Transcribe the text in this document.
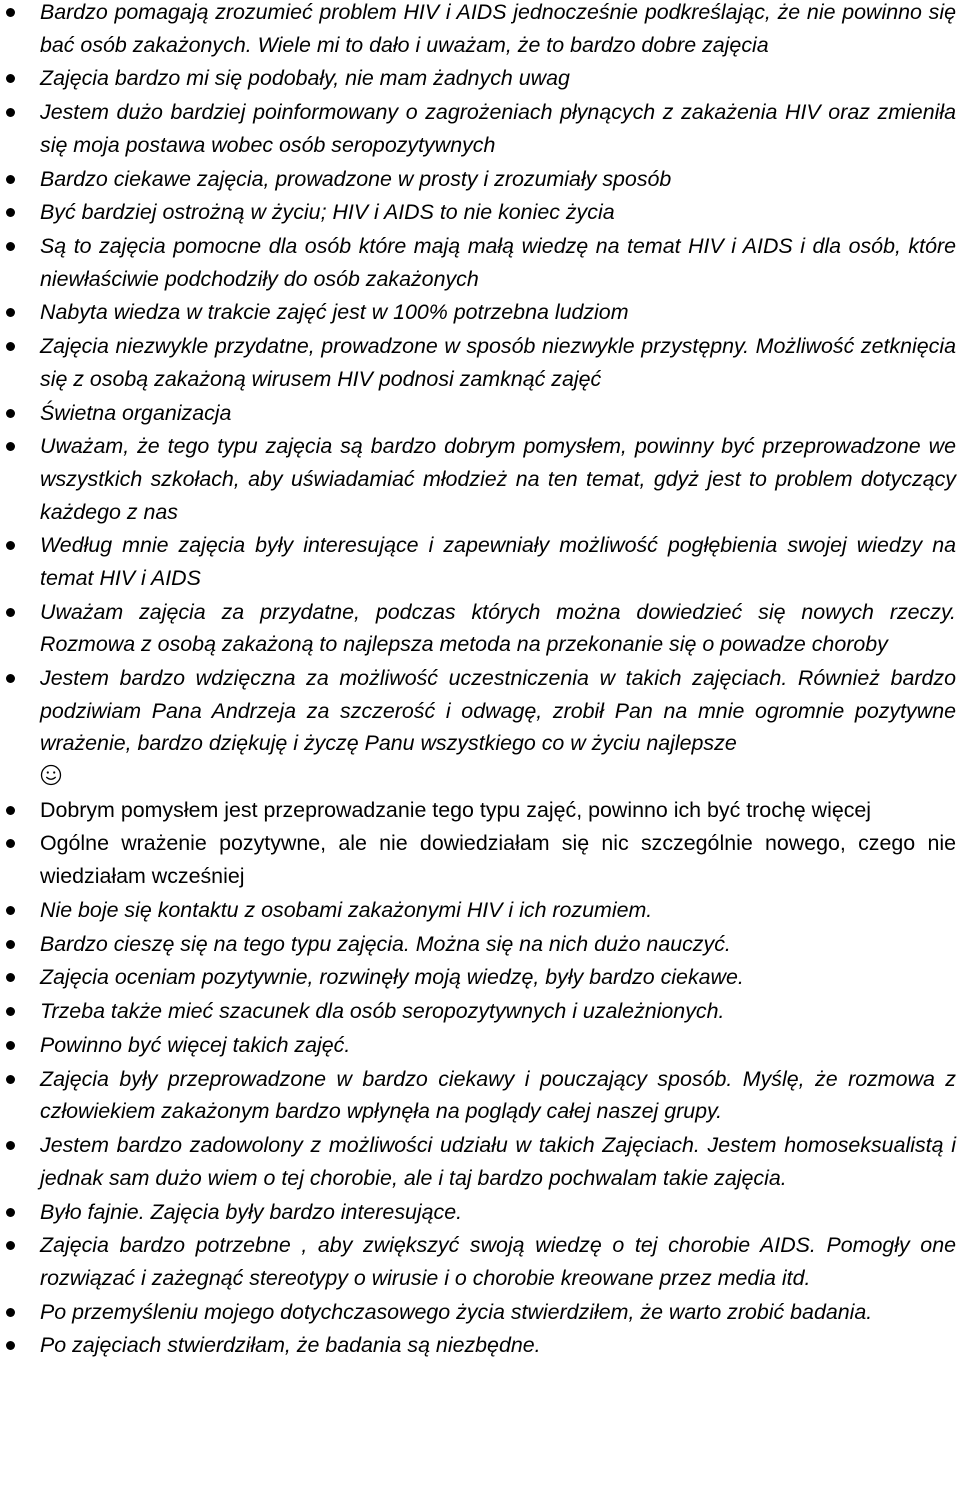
Bardzo pomagają zrozumieć problem HIV i AIDS jednocześnie podkreślając, że nie powinno się bać osób zakażonych. Wiele mi to dało i uważam, że to bardzo dobre zajęcia
Zajęcia bardzo mi się podobały, nie mam żadnych uwag
Jestem dużo bardziej poinformowany o zagrożeniach płynących z zakażenia HIV oraz zmieniła się moja postawa wobec osób seropozytywnych
Bardzo ciekawe zajęcia, prowadzone w prosty i zrozumiały sposób
Być bardziej ostrożną w życiu; HIV i AIDS to nie koniec życia
Są to zajęcia pomocne dla osób które mają małą wiedzę na temat HIV i AIDS i dla osób, które niewłaściwie podchodziły do osób zakażonych
Nabyta wiedza w trakcie zajęć jest w 100% potrzebna ludziom
Zajęcia niezwykle przydatne, prowadzone w sposób niezwykle przystępny. Możliwość zetknięcia się z osobą zakażoną wirusem HIV podnosi zamknąć zajęć
Świetna organizacja
Uważam, że tego typu zajęcia są bardzo dobrym pomysłem, powinny być przeprowadzone we wszystkich szkołach, aby uświadamiać młodzież na ten temat, gdyż jest to problem dotyczący każdego z nas
Według mnie zajęcia były interesujące i zapewniały możliwość pogłębienia swojej wiedzy na temat HIV i AIDS
Uważam zajęcia za przydatne, podczas których można dowiedzieć się nowych rzeczy. Rozmowa z osobą zakażoną to najlepsza metoda na przekonanie się o powadze choroby
Jestem bardzo wdzięczna za możliwość uczestniczenia w takich zajęciach. Również bardzo podziwiam Pana Andrzeja za szczerość i odwagę, zrobił Pan na mnie ogromnie pozytywne wrażenie, bardzo dziękuję i życzę Panu wszystkiego co w życiu najlepsze

Dobrym pomysłem jest przeprowadzanie tego typu zajęć, powinno ich być trochę więcej
Ogólne wrażenie pozytywne, ale nie dowiedziałam się nic szczególnie nowego, czego nie wiedziałam wcześniej
Nie boje się kontaktu z osobami zakażonymi HIV i ich rozumiem.
Bardzo cieszę się na tego typu zajęcia. Można się na nich dużo nauczyć.
Zajęcia oceniam pozytywnie, rozwinęły moją wiedzę, były bardzo ciekawe.
Trzeba także mieć szacunek dla osób seropozytywnych i uzależnionych.
Powinno być więcej takich zajęć.
Zajęcia były przeprowadzone w bardzo ciekawy i pouczający sposób. Myślę, że rozmowa z człowiekiem zakażonym bardzo wpłynęła na poglądy całej naszej grupy.
Jestem bardzo zadowolony z możliwości udziału w takich Zajęciach. Jestem homoseksualistą i jednak sam dużo wiem o tej chorobie, ale i taj bardzo pochwalam takie zajęcia.
Było fajnie. Zajęcia były bardzo interesujące.
Zajęcia bardzo potrzebne , aby zwiększyć swoją wiedzę o tej chorobie AIDS. Pomogły one rozwiązać i zażegnąć stereotypy o wirusie i o chorobie kreowane przez media itd.
Po przemyśleniu mojego dotychczasowego życia stwierdziłem, że warto zrobić badania.
Po zajęciach stwierdziłam, że badania są niezbędne.
